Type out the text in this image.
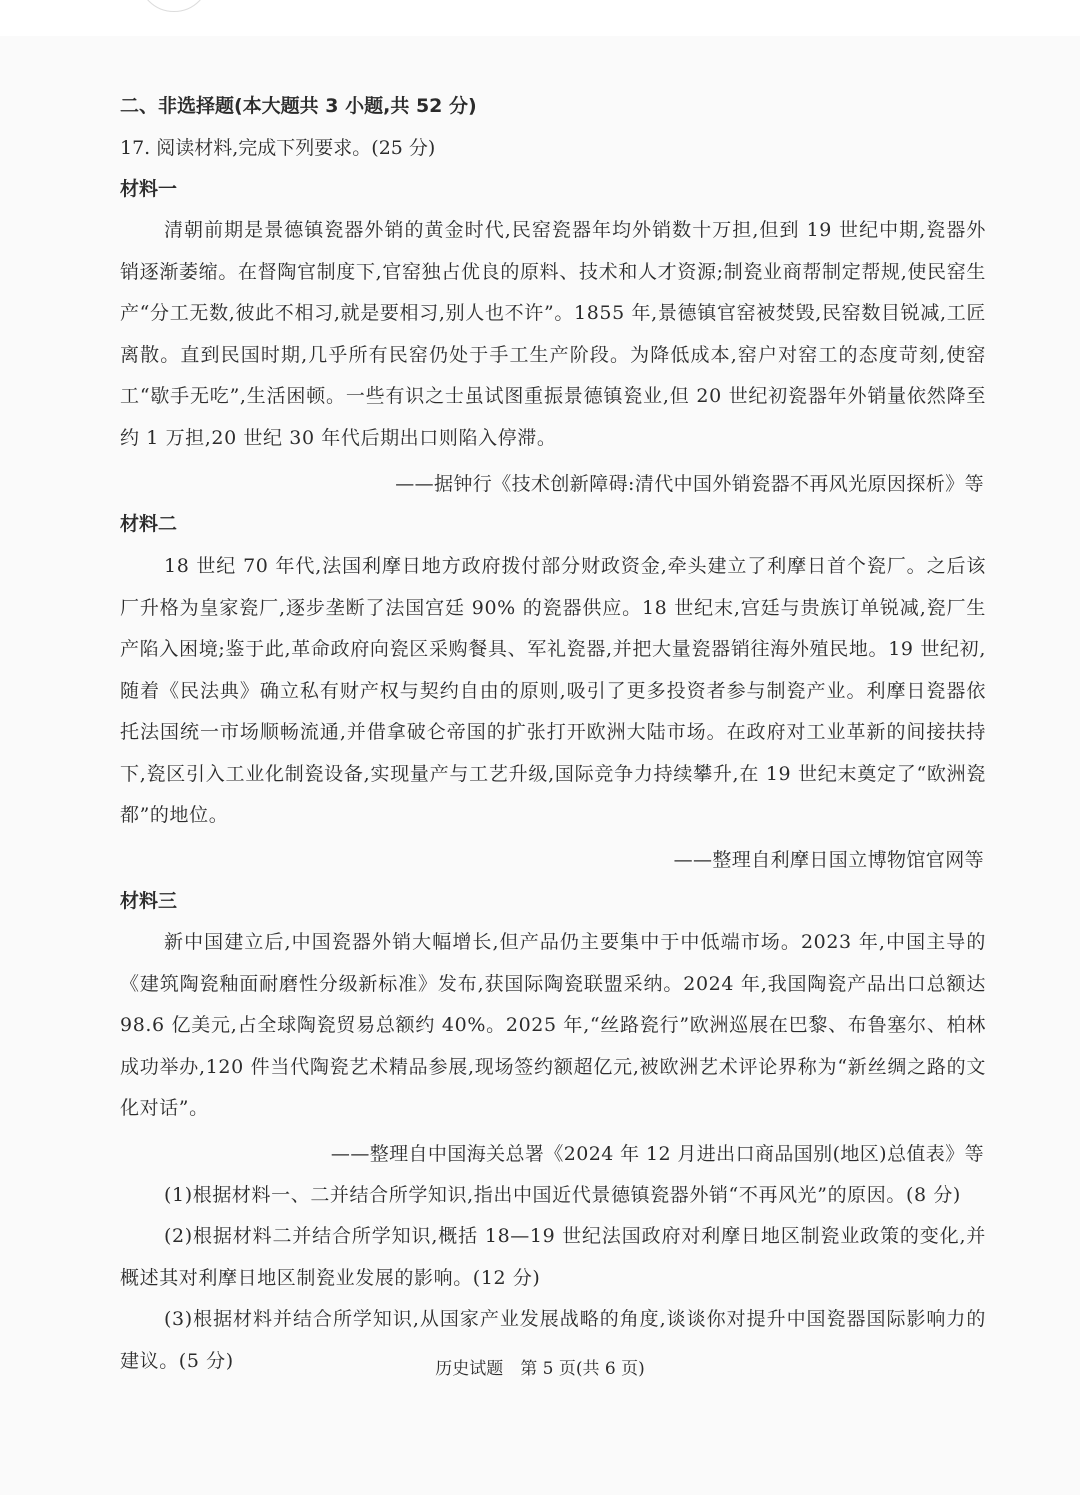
二、非选择题(本大题共 3 小题,共 52 分)
17. 阅读材料,完成下列要求。(25 分)
材料一
清朝前期是景德镇瓷器外销的黄金时代,民窑瓷器年均外销数十万担,但到 19 世纪中期,瓷器外销逐渐萎缩。在督陶官制度下,官窑独占优良的原料、技术和人才资源;制瓷业商帮制定帮规,使民窑生产“分工无数,彼此不相习,就是要相习,别人也不许”。1855 年,景德镇官窑被焚毁,民窑数目锐减,工匠离散。直到民国时期,几乎所有民窑仍处于手工生产阶段。为降低成本,窑户对窑工的态度苛刻,使窑工“歇手无吃”,生活困顿。一些有识之士虽试图重振景德镇瓷业,但 20 世纪初瓷器年外销量依然降至约 1 万担,20 世纪 30 年代后期出口则陷入停滞。
——据钟行《技术创新障碍:清代中国外销瓷器不再风光原因探析》等
材料二
18 世纪 70 年代,法国利摩日地方政府拨付部分财政资金,牵头建立了利摩日首个瓷厂。之后该厂升格为皇家瓷厂,逐步垄断了法国宫廷 90% 的瓷器供应。18 世纪末,宫廷与贵族订单锐减,瓷厂生产陷入困境;鉴于此,革命政府向瓷区采购餐具、军礼瓷器,并把大量瓷器销往海外殖民地。19 世纪初,随着《民法典》确立私有财产权与契约自由的原则,吸引了更多投资者参与制瓷产业。利摩日瓷器依托法国统一市场顺畅流通,并借拿破仑帝国的扩张打开欧洲大陆市场。在政府对工业革新的间接扶持下,瓷区引入工业化制瓷设备,实现量产与工艺升级,国际竞争力持续攀升,在 19 世纪末奠定了“欧洲瓷都”的地位。
——整理自利摩日国立博物馆官网等
材料三
新中国建立后,中国瓷器外销大幅增长,但产品仍主要集中于中低端市场。2023 年,中国主导的《建筑陶瓷釉面耐磨性分级新标准》发布,获国际陶瓷联盟采纳。2024 年,我国陶瓷产品出口总额达 98.6 亿美元,占全球陶瓷贸易总额约 40%。2025 年,“丝路瓷行”欧洲巡展在巴黎、布鲁塞尔、柏林成功举办,120 件当代陶瓷艺术精品参展,现场签约额超亿元,被欧洲艺术评论界称为“新丝绸之路的文化对话”。
——整理自中国海关总署《2024 年 12 月进出口商品国别(地区)总值表》等
(1)根据材料一、二并结合所学知识,指出中国近代景德镇瓷器外销“不再风光”的原因。(8 分)
(2)根据材料二并结合所学知识,概括 18—19 世纪法国政府对利摩日地区制瓷业政策的变化,并概述其对利摩日地区制瓷业发展的影响。(12 分)
(3)根据材料并结合所学知识,从国家产业发展战略的角度,谈谈你对提升中国瓷器国际影响力的建议。(5 分)	历史试题　第 5 页(共 6 页)
